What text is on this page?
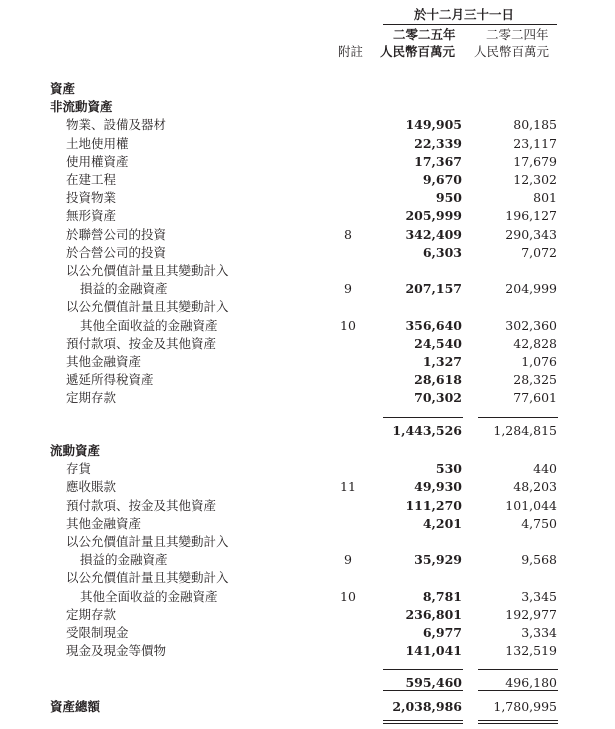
於十二月三十一日
二零二五年 二零二四年
附註 人民幣百萬元 人民幣百萬元
資產
非流動資產
物業、設備及器材	149,905	80,185
土地使用權	22,339	23,117
使用權資產	17,367	17,679
在建工程	9,670	12,302
投資物業	950	801
無形資產	205,999	196,127
於聯營公司的投資	8	342,409	290,343
於合營公司的投資	6,303	7,072
以公允價值計量且其變動計入
損益的金融資產	9	207,157	204,999
以公允價值計量且其變動計入
其他全面收益的金融資產	10	356,640	302,360
預付款項、按金及其他資產	24,540	42,828
其他金融資產	1,327	1,076
遞延所得稅資產	28,618	28,325
定期存款	70,302	77,601
1,443,526	1,284,815
流動資產
存貨	530	440
應收賬款	11	49,930	48,203
預付款項、按金及其他資產	111,270	101,044
其他金融資產	4,201	4,750
以公允價值計量且其變動計入
損益的金融資產	9	35,929	9,568
以公允價值計量且其變動計入
其他全面收益的金融資產	10	8,781	3,345
定期存款	236,801	192,977
受限制現金	6,977	3,334
現金及現金等價物	141,041	132,519
595,460	496,180
資產總額	2,038,986	1,780,995
